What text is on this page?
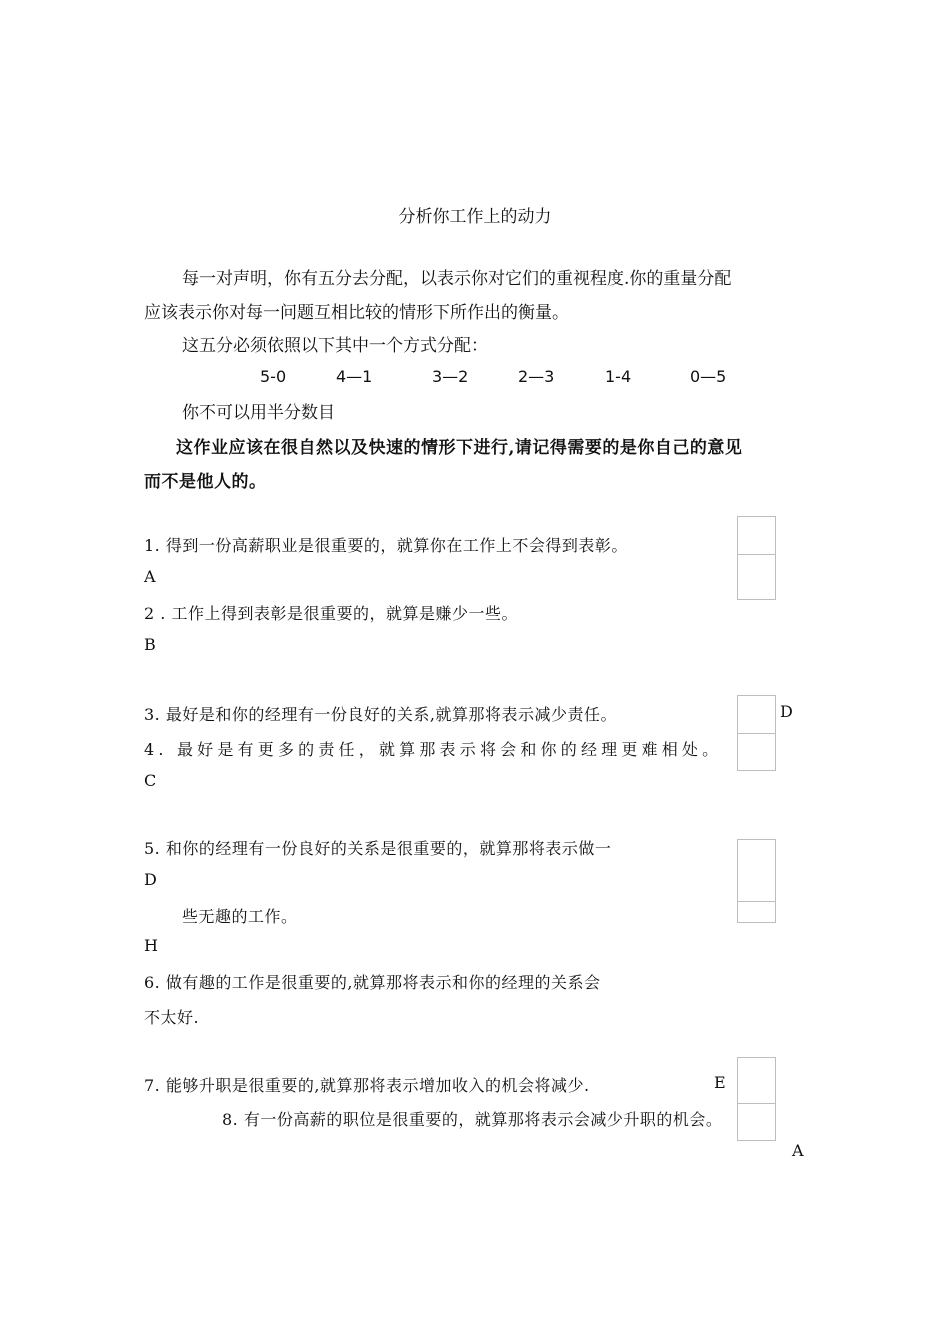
分析你工作上的动力
每一对声明，你有五分去分配，以表示你对它们的重视程度.你的重量分配
应该表示你对每一问题互相比较的情形下所作出的衡量。
这五分必须依照以下其中一个方式分配：
5-0	4—1	3—2	2—3	1-4	0—5
你不可以用半分数目
这作业应该在很自然以及快速的情形下进行,请记得需要的是你自己的意见
而不是他人的。
1. 得到一份高薪职业是很重要的，就算你在工作上不会得到表彰。
A
2 . 工作上得到表彰是很重要的，就算是赚少一些。
B
3. 最好是和你的经理有一份良好的关系,就算那将表示减少责任。	D
4. 最好是有更多的责任，就算那表示将会和你的经理更难相处。
C
5. 和你的经理有一份良好的关系是很重要的，就算那将表示做一
D
些无趣的工作。
H
6. 做有趣的工作是很重要的,就算那将表示和你的经理的关系会
不太好.
7. 能够升职是很重要的,就算那将表示增加收入的机会将减少.	E
8. 有一份高薪的职位是很重要的，就算那将表示会减少升职的机会。
A
